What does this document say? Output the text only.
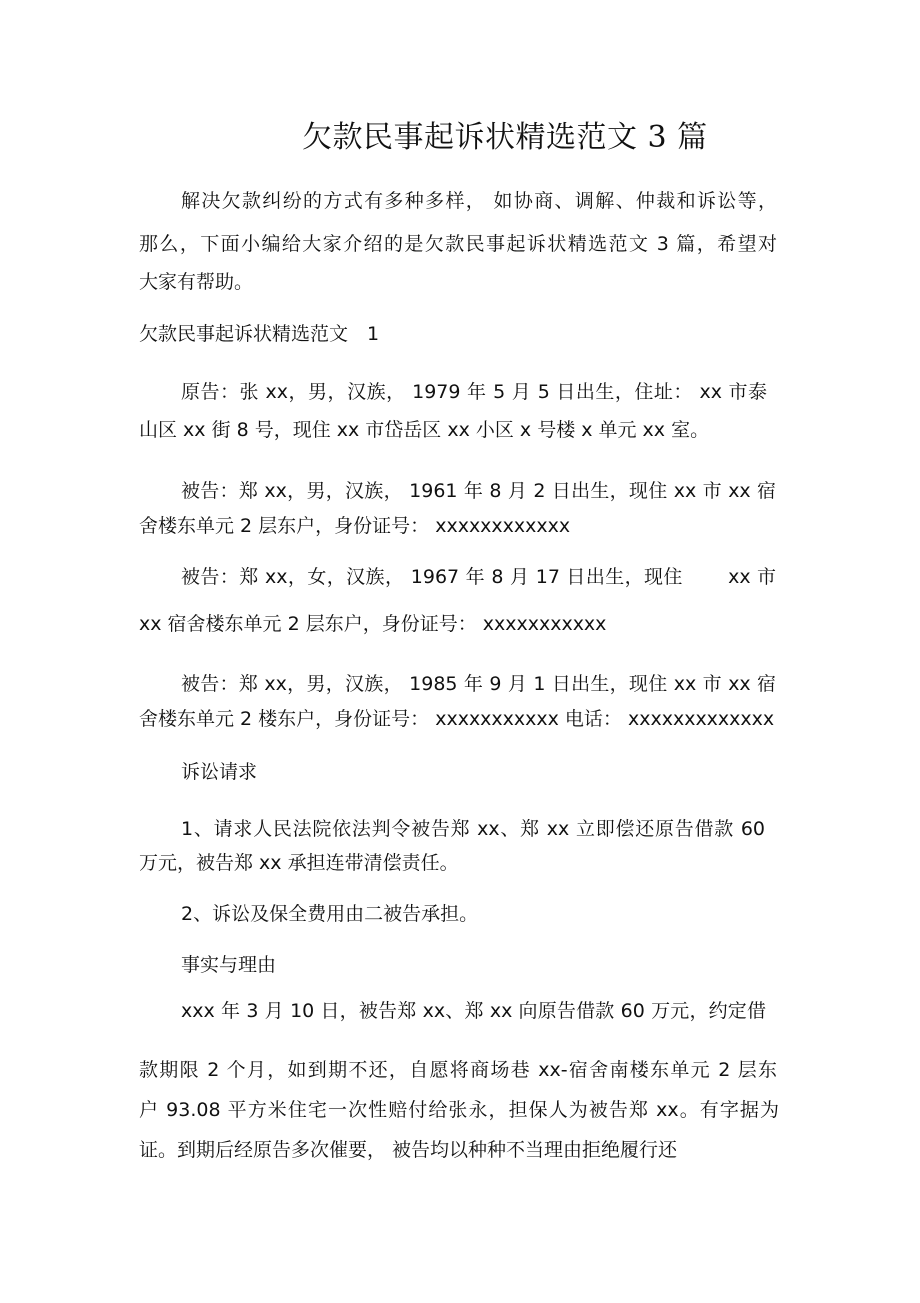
欠款民事起诉状精选范文 3 篇
解决欠款纠纷的方式有多种多样， 如协商、调解、仲裁和诉讼等，
那么，下面小编给大家介绍的是欠款民事起诉状精选范文 3 篇，希望对
大家有帮助。
欠款民事起诉状精选范文　1
原告：张 xx，男，汉族， 1979 年 5 月 5 日出生，住址： xx 市泰
山区 xx 街 8 号，现住 xx 市岱岳区 xx 小区 x 号楼 x 单元 xx 室。
被告：郑 xx，男，汉族， 1961 年 8 月 2 日出生，现住 xx 市 xx 宿
舍楼东单元 2 层东户，身份证号： xxxxxxxxxxxx
被告：郑 xx，女，汉族， 1967 年 8 月 17 日出生，现住　　 xx 市
xx 宿舍楼东单元 2 层东户，身份证号： xxxxxxxxxxx
被告：郑 xx，男，汉族， 1985 年 9 月 1 日出生，现住 xx 市 xx 宿
舍楼东单元 2 楼东户，身份证号： xxxxxxxxxxx 电话： xxxxxxxxxxxxx
诉讼请求
1、请求人民法院依法判令被告郑 xx、郑 xx 立即偿还原告借款 60
万元，被告郑 xx 承担连带清偿责任。
2、诉讼及保全费用由二被告承担。
事实与理由
xxx 年 3 月 10 日，被告郑 xx、郑 xx 向原告借款 60 万元，约定借
款期限 2 个月，如到期不还，自愿将商场巷 xx-宿舍南楼东单元 2 层东
户 93.08 平方米住宅一次性赔付给张永，担保人为被告郑 xx。有字据为
证。到期后经原告多次催要， 被告均以种种不当理由拒绝履行还
